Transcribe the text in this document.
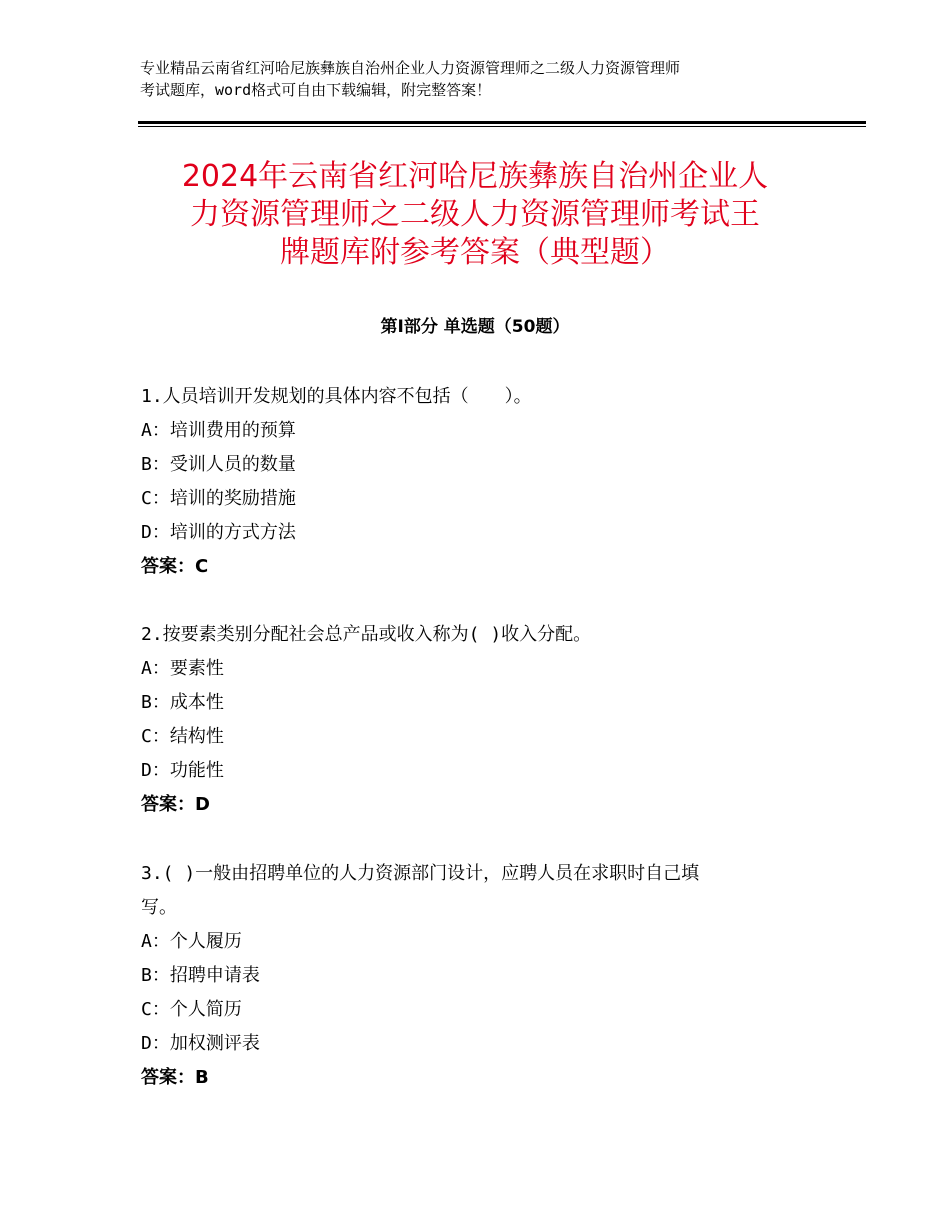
专业精品云南省红河哈尼族彝族自治州企业人力资源管理师之二级人力资源管理师
考试题库，word格式可自由下载编辑，附完整答案！
2024年云南省红河哈尼族彝族自治州企业人
力资源管理师之二级人力资源管理师考试王
牌题库附参考答案（典型题）
第Ⅰ部分 单选题（50题）
1.人员培训开发规划的具体内容不包括（　　）。
A：培训费用的预算
B：受训人员的数量
C：培训的奖励措施
D：培训的方式方法
答案：C
2.按要素类别分配社会总产品或收入称为( )收入分配。
A：要素性
B：成本性
C：结构性
D：功能性
答案：D
3.( )一般由招聘单位的人力资源部门设计，应聘人员在求职时自己填
写。
A：个人履历
B：招聘申请表
C：个人简历
D：加权测评表
答案：B
